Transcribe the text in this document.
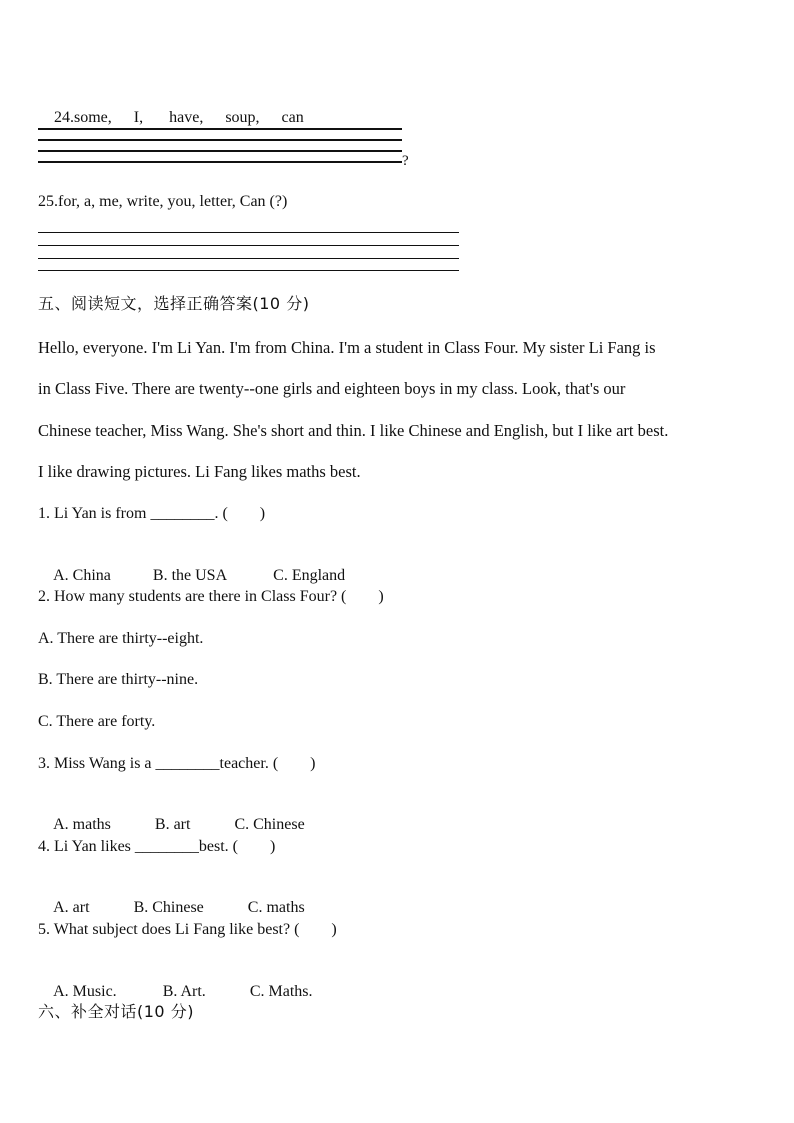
24.some, I, have, soup, can

?
25.for, a, me, write, you, letter, Can (?)
五、阅读短文，选择正确答案(10 分)
Hello, everyone. I'm Li Yan. I'm from China. I'm a student in Class Four. My sister Li Fang is
in Class Five. There are twenty--one girls and eighteen boys in my class. Look, that's our
Chinese teacher, Miss Wang. She's short and thin. I like Chinese and English, but I like art best.
I like drawing pictures. Li Fang likes maths best.
1. Li Yan is from ________. (        )

A. China	B. the USA	C. England

2. How many students are there in Class Four? (        )
A. There are thirty--eight.
B. There are thirty--nine.
C. There are forty.
3. Miss Wang is a ________teacher. (        )

A. maths	B. art	C. Chinese

4. Li Yan likes ________best. (        )

A. art	B. Chinese	C. maths

5. What subject does Li Fang like best? (        )

A. Music.	B. Art.	C. Maths.

六、补全对话(10 分)
